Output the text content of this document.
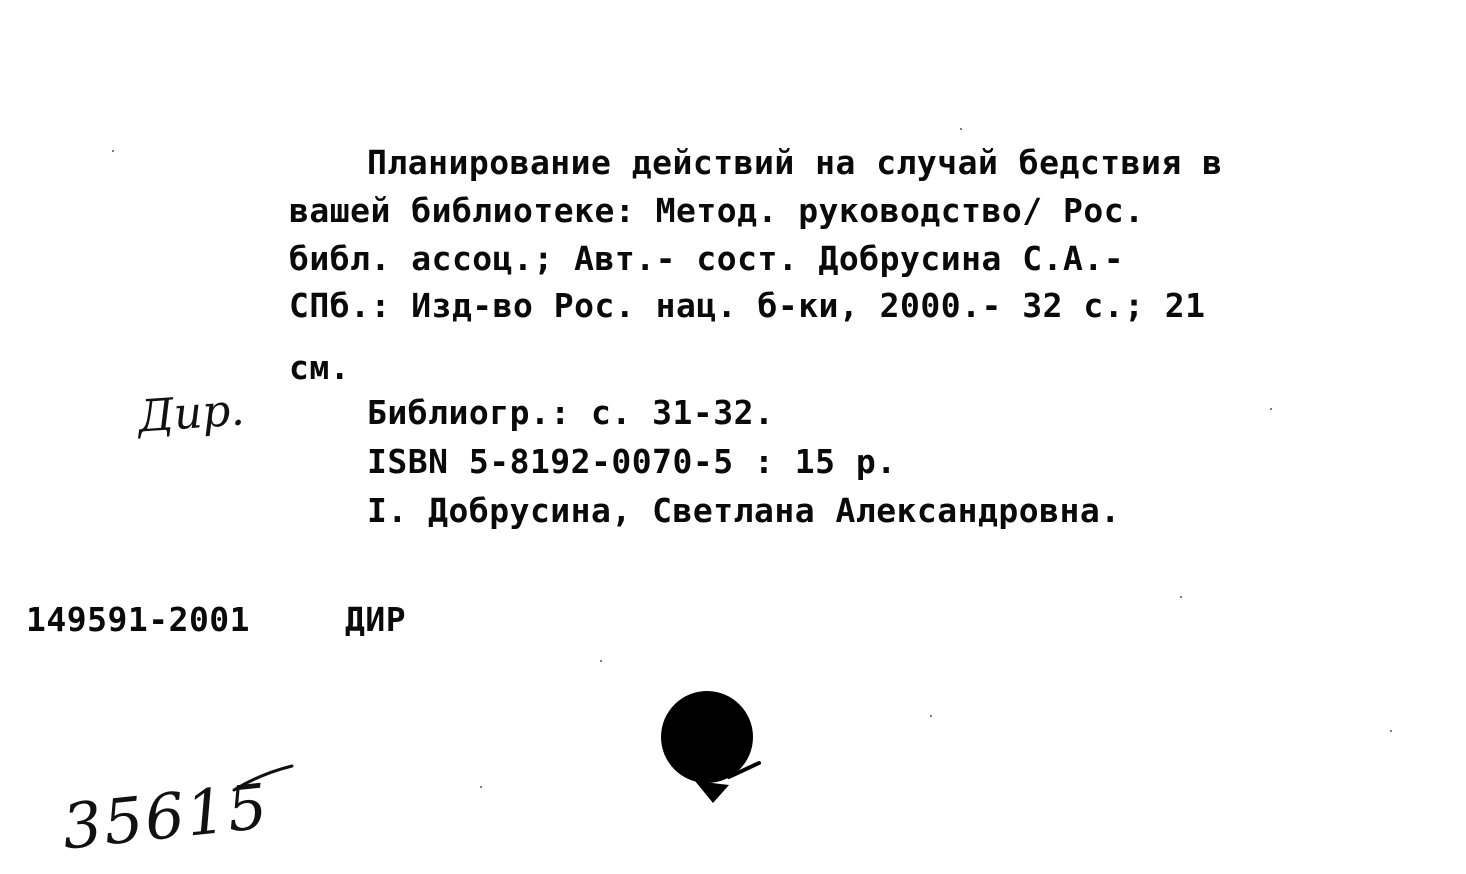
Планирование действий на случай бедствия в
вашей библиотеке: Метод. руководство/ Рос.
библ. ассоц.; Авт.- сост. Добрусина С.А.-
СПб.: Изд-во Рос. нац. б-ки, 2000.- 32 с.; 21
см.
Библиогр.: с. 31-32.
ISBN 5-8192-0070-5 : 15 р.
I. Добрусина, Светлана Александровна.
149591-2001	ДИР
Дир.
35615
